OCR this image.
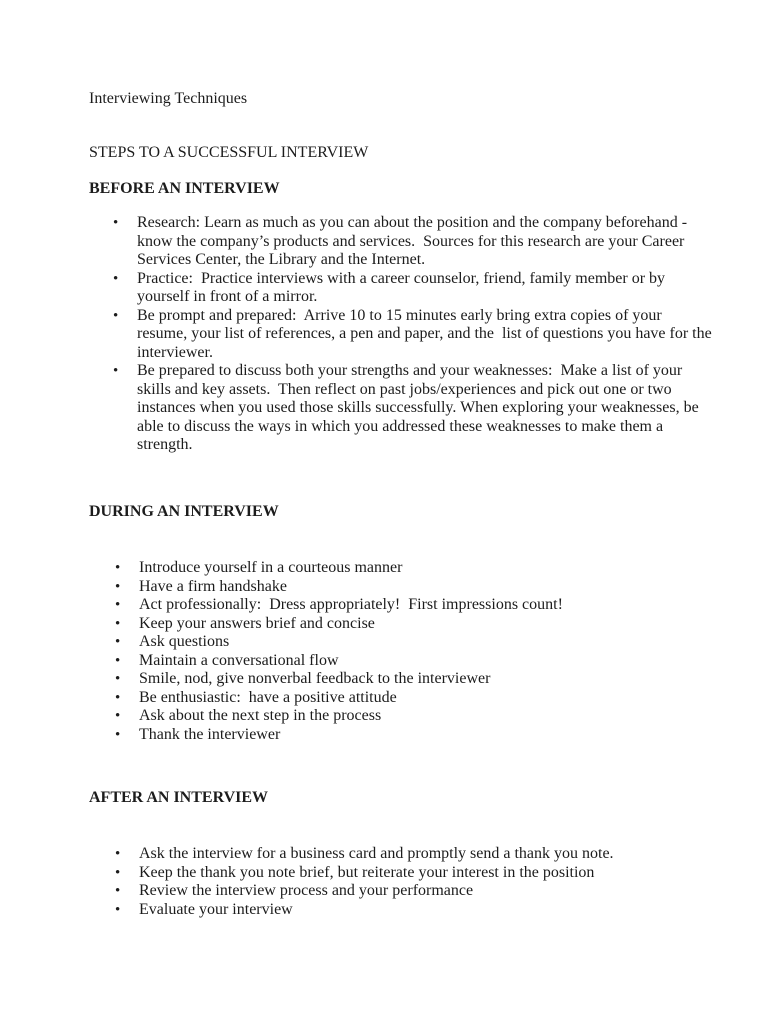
Interviewing Techniques
STEPS TO A SUCCESSFUL INTERVIEW
BEFORE AN INTERVIEW
• Research: Learn as much as you can about the position and the company beforehand -
know the company’s products and services.  Sources for this research are your Career
Services Center, the Library and the Internet.
• Practice:  Practice interviews with a career counselor, friend, family member or by
yourself in front of a mirror.
• Be prompt and prepared:  Arrive 10 to 15 minutes early bring extra copies of your
resume, your list of references, a pen and paper, and the  list of questions you have for the
interviewer.
• Be prepared to discuss both your strengths and your weaknesses:  Make a list of your
skills and key assets.  Then reflect on past jobs/experiences and pick out one or two
instances when you used those skills successfully. When exploring your weaknesses, be
able to discuss the ways in which you addressed these weaknesses to make them a
strength.
DURING AN INTERVIEW
• Introduce yourself in a courteous manner
• Have a firm handshake
• Act professionally:  Dress appropriately!  First impressions count!
• Keep your answers brief and concise
• Ask questions
• Maintain a conversational flow
• Smile, nod, give nonverbal feedback to the interviewer
• Be enthusiastic:  have a positive attitude
• Ask about the next step in the process
• Thank the interviewer
AFTER AN INTERVIEW
• Ask the interview for a business card and promptly send a thank you note.
• Keep the thank you note brief, but reiterate your interest in the position
• Review the interview process and your performance
• Evaluate your interview
